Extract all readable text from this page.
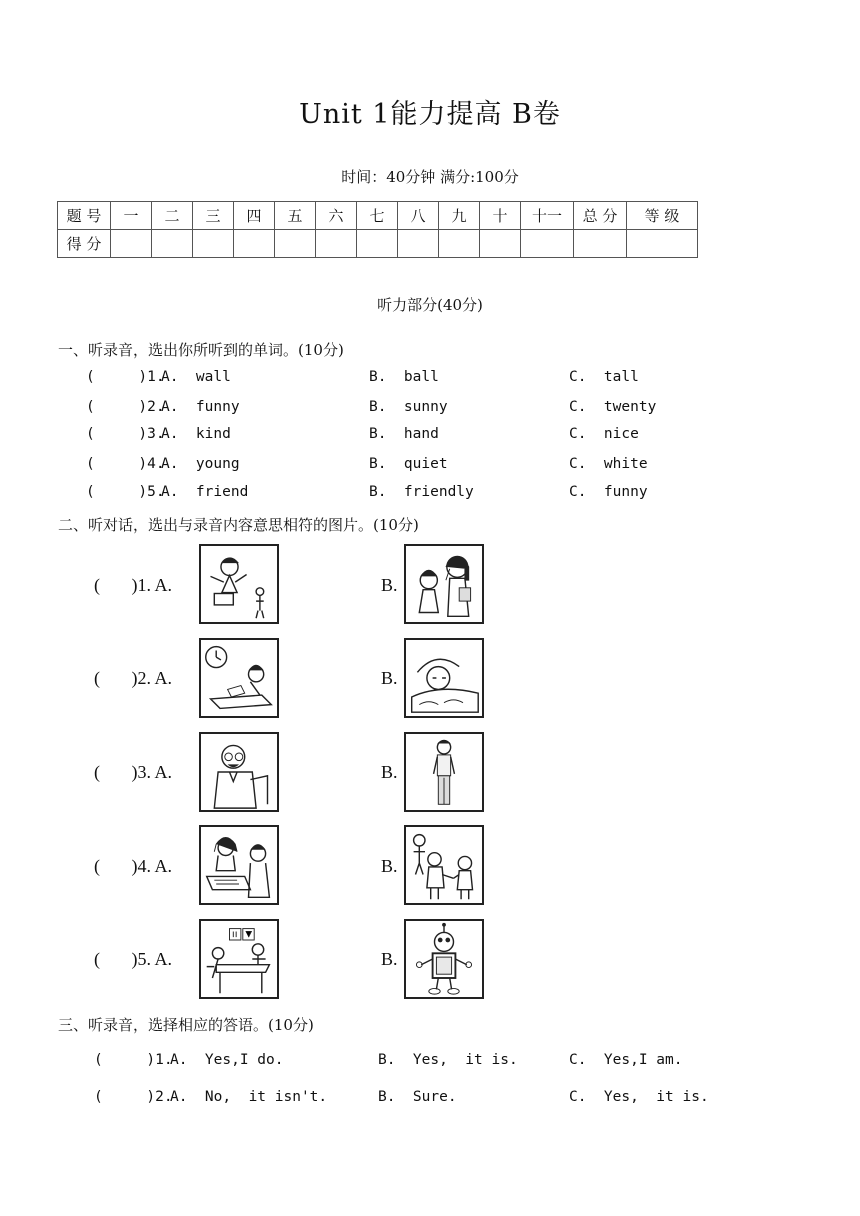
Unit 1能力提高 B卷
时间：40分钟 满分:100分
题 号	一	二	三	四	五	六	七	八	九	十	十一	总 分	等 级
得 分													
听力部分(40分)
一、听录音，选出你所听到的单词。(10分)
(     )1.
A.  wall	B.  ball	C.  tall
(     )2.
A.  funny	B.  sunny	C.  twenty
(     )3.
A.  kind	B.  hand	C.  nice
(     )4.
A.  young	B.  quiet	C.  white
(     )5.
A.  friend	B.  friendly	C.  funny
二、听对话，选出与录音内容意思相符的图片。(10分)
(       )1. A.	B.
(       )2. A.	B.
(       )3. A.	B.
(       )4. A.	B.
(       )5. A.	B.
三、听录音，选择相应的答语。(10分)
(     )1.
A.  Yes,I do.	B.  Yes,  it is.	C.  Yes,I am.
(     )2.
A.  No,  it isn't.	B.  Sure.	C.  Yes,  it is.
